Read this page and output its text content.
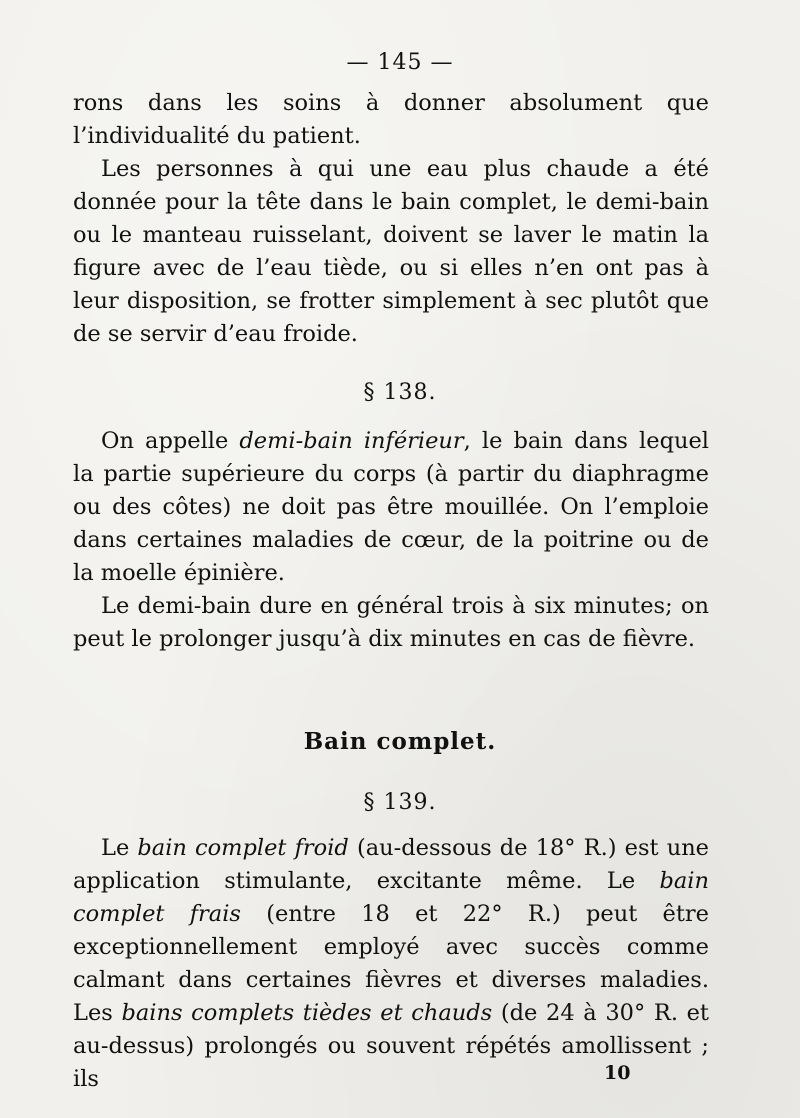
— 145 —

rons dans les soins à donner absolument que l’individualité du patient.

Les personnes à qui une eau plus chaude a été donnée pour la tête dans le bain complet, le demi-bain ou le manteau ruisselant, doivent se laver le matin la figure avec de l’eau tiède, ou si elles n’en ont pas à leur disposition, se frotter simplement à sec plutôt que de se servir d’eau froide.

§ 138.

On appelle demi-bain inférieur, le bain dans lequel la partie supérieure du corps (à partir du diaphragme ou des côtes) ne doit pas être mouillée. On l’emploie dans certaines maladies de cœur, de la poitrine ou de la moelle épinière.

Le demi-bain dure en général trois à six minutes; on peut le prolonger jusqu’à dix minutes en cas de fièvre.

Bain complet.
§ 139.

Le bain complet froid (au-dessous de 18° R.) est une application stimulante, excitante même. Le bain complet frais (entre 18 et 22° R.) peut être exceptionnellement employé avec succès comme calmant dans certaines fièvres et diverses maladies. Les bains complets tièdes et chauds (de 24 à 30° R. et au-dessus) prolongés ou souvent répétés amollissent ; ils	10
